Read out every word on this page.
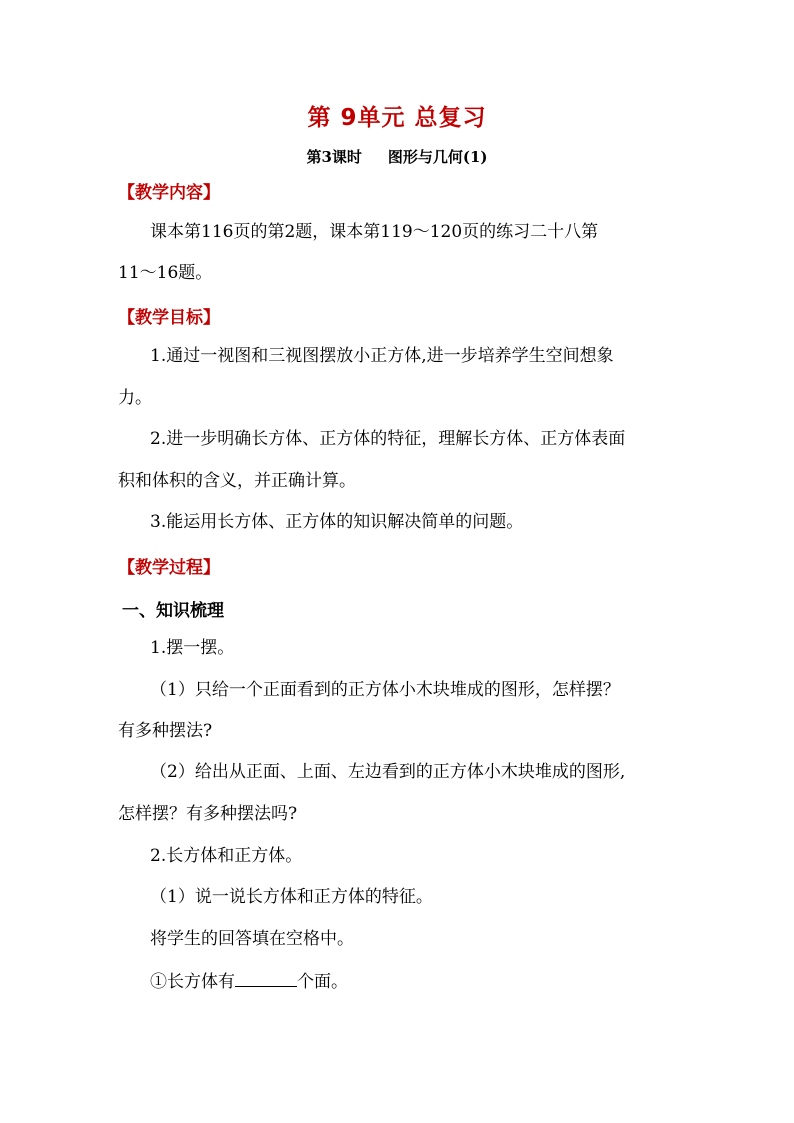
第 9单元 总复习
第3课时 图形与几何(1)
【教学内容】
课本第116页的第2题，课本第119～120页的练习二十八第
11～16题。
【教学目标】
1.通过一视图和三视图摆放小正方体,进一步培养学生空间想象
力。
2.进一步明确长方体、正方体的特征，理解长方体、正方体表面
积和体积的含义，并正确计算。
3.能运用长方体、正方体的知识解决简单的问题。
【教学过程】
一、知识梳理
1.摆一摆。
（1）只给一个正面看到的正方体小木块堆成的图形，怎样摆？
有多种摆法?
（2）给出从正面、上面、左边看到的正方体小木块堆成的图形,
怎样摆？有多种摆法吗?
2.长方体和正方体。
（1）说一说长方体和正方体的特征。
将学生的回答填在空格中。
①长方体有	个面。
